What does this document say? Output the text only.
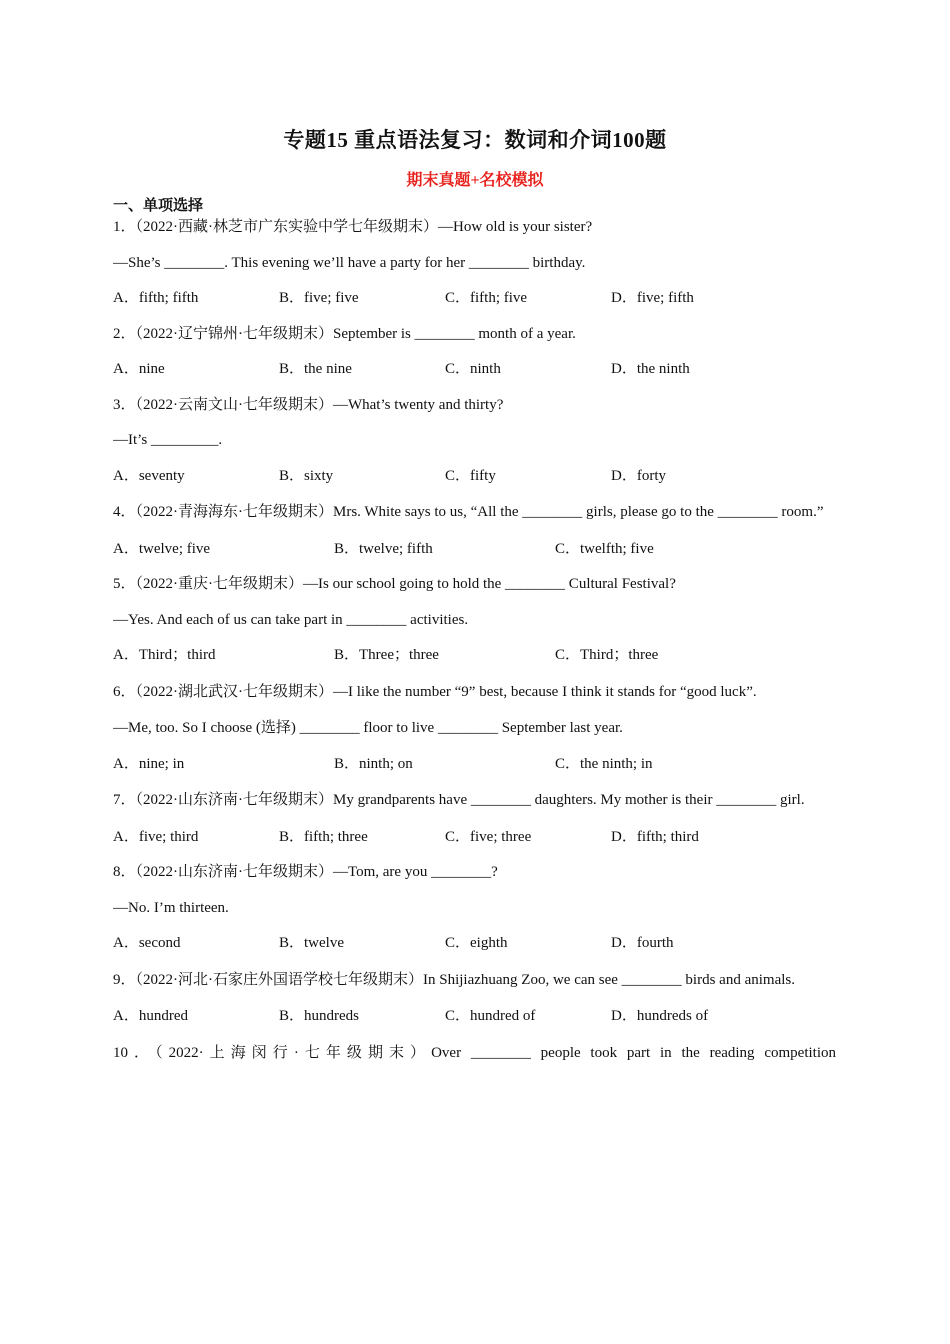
专题15 重点语法复习：数词和介词100题
期末真题+名校模拟
一、单项选择
1．（2022·西藏·林芝市广东实验中学七年级期末）—How old is your sister?
—She’s ________. This evening we’ll have a party for her ________ birthday.
A．fifth; fifth	B．five; five	C．fifth; five	D．five; fifth
2．（2022·辽宁锦州·七年级期末）September is ________ month of a year.
A．nine	B．the nine	C．ninth	D．the ninth
3．（2022·云南文山·七年级期末）—What’s twenty and thirty?
—It’s _________.
A．seventy	B．sixty	C．fifty	D．forty
4．（2022·青海海东·七年级期末）Mrs. White says to us, “All the ________ girls, please go to the ________ room.”
A．twelve; five	B．twelve; fifth	C．twelfth; five
5．（2022·重庆·七年级期末）—Is our school going to hold the ________ Cultural Festival?
—Yes. And each of us can take part in ________ activities.
A．Third；third	B．Three；three	C．Third；three
6．（2022·湖北武汉·七年级期末）—I like the number “9” best, because I think it stands for “good luck”.
—Me, too. So I choose (选择) ________ floor to live ________ September last year.
A．nine; in	B．ninth; on	C．the ninth; in
7．（2022·山东济南·七年级期末）My grandparents have ________ daughters. My mother is their ________ girl.
A．five; third	B．fifth; three	C．five; three	D．fifth; third
8．（2022·山东济南·七年级期末）—Tom, are you ________?
—No. I’m thirteen.
A．second	B．twelve	C．eighth	D．fourth
9．（2022·河北·石家庄外国语学校七年级期末）In Shijiazhuang Zoo, we can see ________ birds and animals.
A．hundred	B．hundreds	C．hundred of	D．hundreds of
10．（2022·上海闵行·七年级期末）Over ________ people took part in the reading competition
